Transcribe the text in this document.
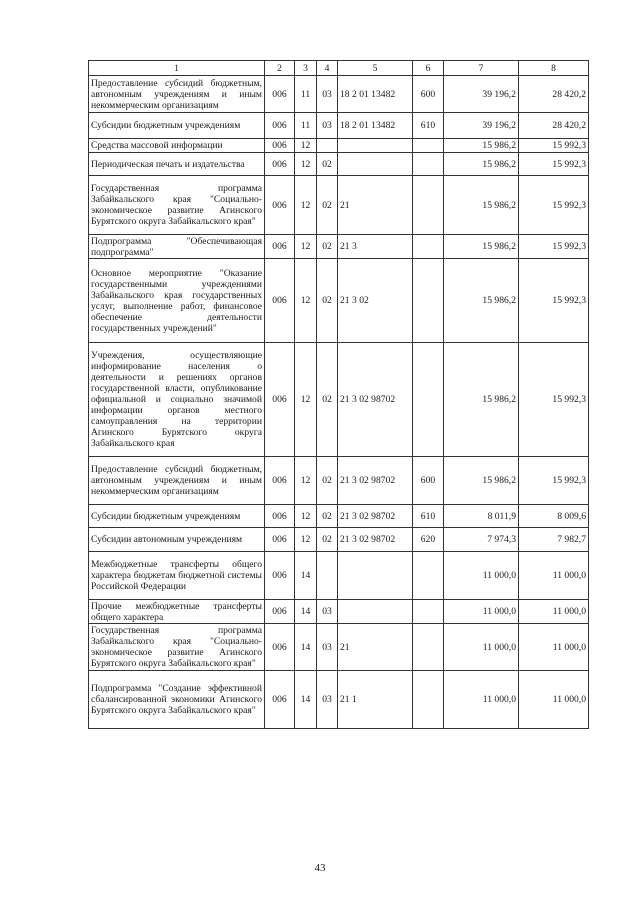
1	2	3	4	5	6	7	8
Предоставление субсидий бюджетным, автономным учреждениям и иным некоммерческим организациям	006	11	03	18 2 01 13482	600	39 196,2	28 420,2
Субсидии бюджетным учреждениям	006	11	03	18 2 01 13482	610	39 196,2	28 420,2
Средства массовой информации	006	12				15 986,2	15 992,3
Периодическая печать и издательства	006	12	02			15 986,2	15 992,3
Государственная программа Забайкальского края "Социально-экономическое развитие Агинского Бурятского округа Забайкальского края"	006	12	02	21		15 986,2	15 992,3
Подпрограмма "Обеспечивающая подпрограмма"	006	12	02	21 3		15 986,2	15 992,3
Основное мероприятие "Оказание государственными учреждениями Забайкальского края государственных услуг, выполнение работ, финансовое обеспечение деятельности государственных учреждений"	006	12	02	21 3 02		15 986,2	15 992,3
Учреждения, осуществляющие информирование населения о деятельности и решениях органов государственной власти, опубликование официальной и социально значимой информации органов местного самоуправления на территории Агинского Бурятского округа Забайкальского края	006	12	02	21 3 02 98702		15 986,2	15 992,3
Предоставление субсидий бюджетным, автономным учреждениям и иным некоммерческим организациям	006	12	02	21 3 02 98702	600	15 986,2	15 992,3
Субсидии бюджетным учреждениям	006	12	02	21 3 02 98702	610	8 011,9	8 009,6
Субсидии автономным учреждениям	006	12	02	21 3 02 98702	620	7 974,3	7 982,7
Межбюджетные трансферты общего характера бюджетам бюджетной системы Российской Федерации	006	14				11 000,0	11 000,0
Прочие межбюджетные трансферты общего характера	006	14	03			11 000,0	11 000,0
Государственная программа Забайкальского края "Социально-экономическое развитие Агинского Бурятского округа Забайкальского края"	006	14	03	21		11 000,0	11 000,0
Подпрограмма "Создание эффективной сбалансированной экономики Агинского Бурятского округа Забайкальского края"	006	14	03	21 1		11 000,0	11 000,0
43
